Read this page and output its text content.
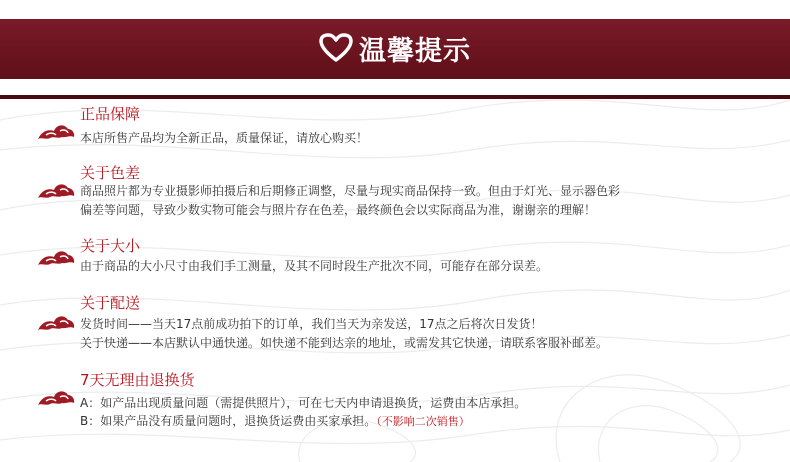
温馨提示
正品保障
本店所售产品均为全新正品，质量保证，请放心购买！
关于色差
商品照片都为专业摄影师拍摄后和后期修正调整，尽量与现实商品保持一致。但由于灯光、显示器色彩
偏差等问题，导致少数实物可能会与照片存在色差，最终颜色会以实际商品为准，谢谢亲的理解！
关于大小
由于商品的大小尺寸由我们手工测量，及其不同时段生产批次不同，可能存在部分误差。
关于配送
发货时间——当天17点前成功拍下的订单，我们当天为亲发送，17点之后将次日发货！
关于快递——本店默认中通快递。如快递不能到达亲的地址，或需发其它快递，请联系客服补邮差。
7天无理由退换货
A：如产品出现质量问题（需提供照片），可在七天内申请退换货，运费由本店承担。
B：如果产品没有质量问题时，退换货运费由买家承担。（不影响二次销售）
